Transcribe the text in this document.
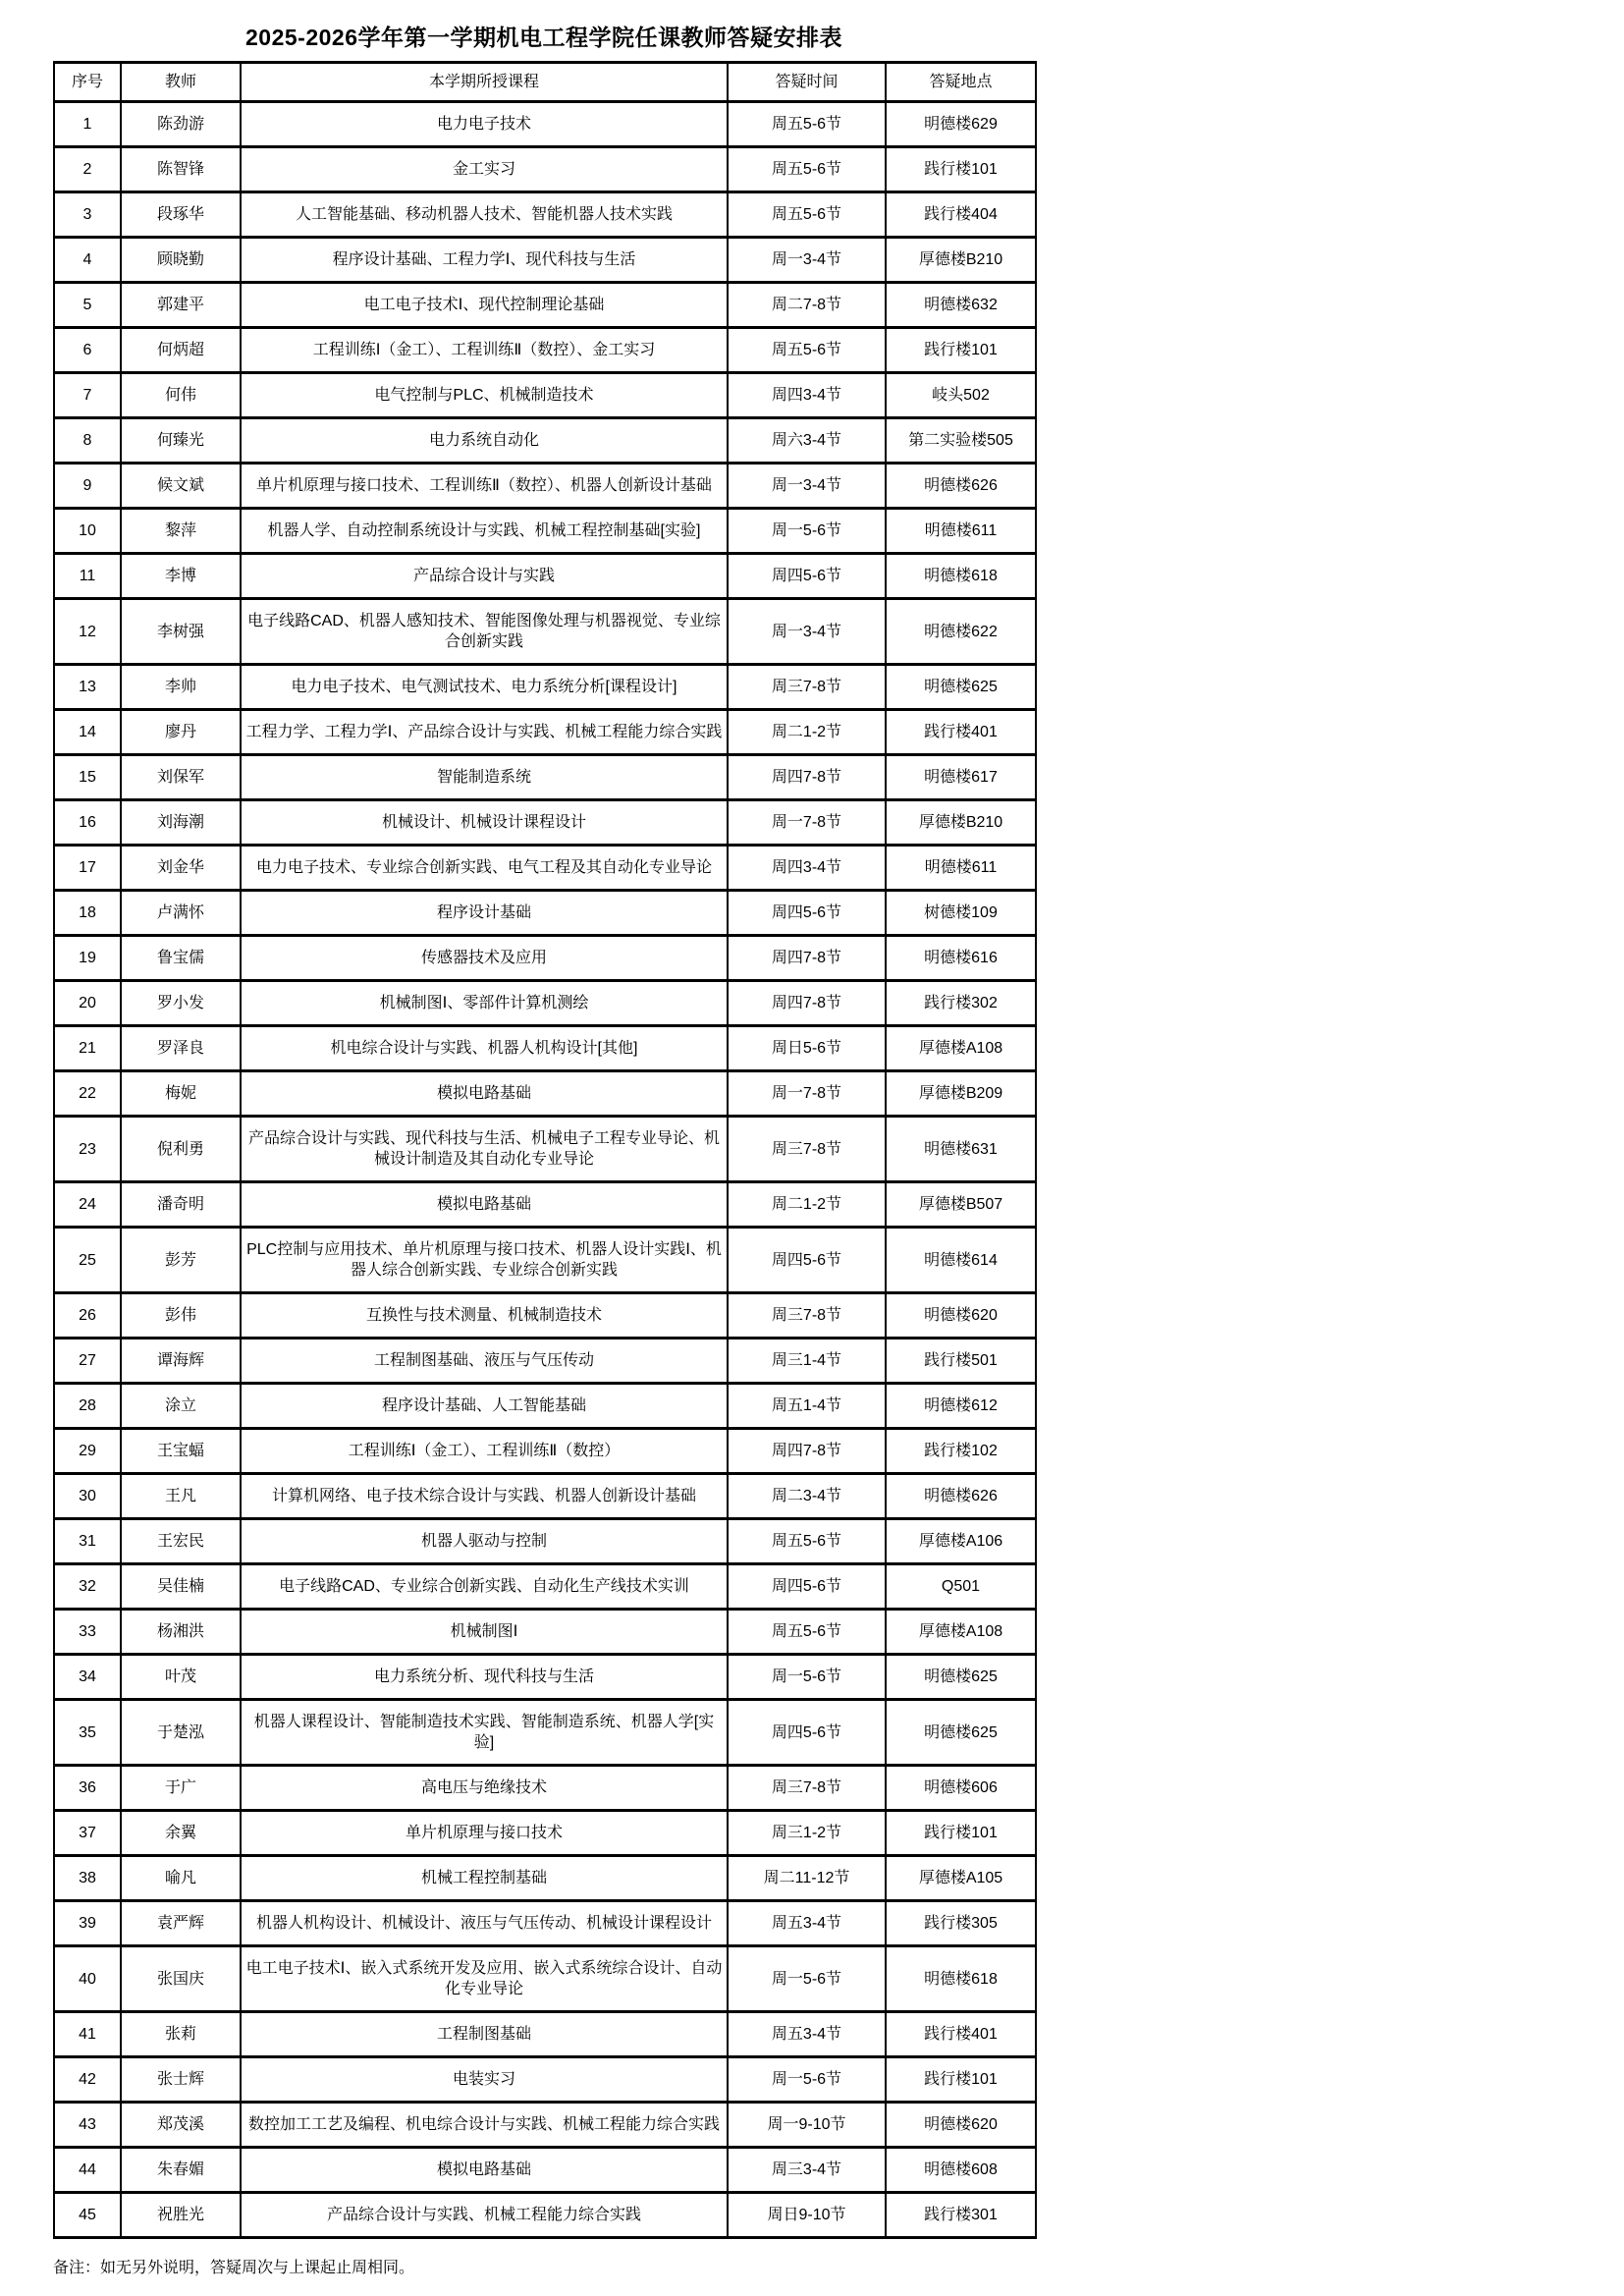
2025-2026学年第一学期机电工程学院任课教师答疑安排表
序号	教师	本学期所授课程	答疑时间	答疑地点
1	陈劲游	电力电子技术	周五5-6节	明德楼629
2	陈智锋	金工实习	周五5-6节	践行楼101
3	段琢华	人工智能基础、移动机器人技术、智能机器人技术实践	周五5-6节	践行楼404
4	顾晓勤	程序设计基础、工程力学Ⅰ、现代科技与生活	周一3-4节	厚德楼B210
5	郭建平	电工电子技术Ⅰ、现代控制理论基础	周二7-8节	明德楼632
6	何炳超	工程训练Ⅰ（金工）、工程训练Ⅱ（数控）、金工实习	周五5-6节	践行楼101
7	何伟	电气控制与PLC、机械制造技术	周四3-4节	岐头502
8	何臻光	电力系统自动化	周六3-4节	第二实验楼505
9	候文斌	单片机原理与接口技术、工程训练Ⅱ（数控）、机器人创新设计基础	周一3-4节	明德楼626
10	黎萍	机器人学、自动控制系统设计与实践、机械工程控制基础[实验]	周一5-6节	明德楼611
11	李博	产品综合设计与实践	周四5-6节	明德楼618
12	李树强	电子线路CAD、机器人感知技术、智能图像处理与机器视觉、专业综合创新实践	周一3-4节	明德楼622
13	李帅	电力电子技术、电气测试技术、电力系统分析[课程设计]	周三7-8节	明德楼625
14	廖丹	工程力学、工程力学Ⅰ、产品综合设计与实践、机械工程能力综合实践	周二1-2节	践行楼401
15	刘保军	智能制造系统	周四7-8节	明德楼617
16	刘海潮	机械设计、机械设计课程设计	周一7-8节	厚德楼B210
17	刘金华	电力电子技术、专业综合创新实践、电气工程及其自动化专业导论	周四3-4节	明德楼611
18	卢满怀	程序设计基础	周四5-6节	树德楼109
19	鲁宝儒	传感器技术及应用	周四7-8节	明德楼616
20	罗小发	机械制图Ⅰ、零部件计算机测绘	周四7-8节	践行楼302
21	罗泽良	机电综合设计与实践、机器人机构设计[其他]	周日5-6节	厚德楼A108
22	梅妮	模拟电路基础	周一7-8节	厚德楼B209
23	倪利勇	产品综合设计与实践、现代科技与生活、机械电子工程专业导论、机械设计制造及其自动化专业导论	周三7-8节	明德楼631
24	潘奇明	模拟电路基础	周二1-2节	厚德楼B507
25	彭芳	PLC控制与应用技术、单片机原理与接口技术、机器人设计实践Ⅰ、机器人综合创新实践、专业综合创新实践	周四5-6节	明德楼614
26	彭伟	互换性与技术测量、机械制造技术	周三7-8节	明德楼620
27	谭海辉	工程制图基础、液压与气压传动	周三1-4节	践行楼501
28	涂立	程序设计基础、人工智能基础	周五1-4节	明德楼612
29	王宝蝠	工程训练Ⅰ（金工）、工程训练Ⅱ（数控）	周四7-8节	践行楼102
30	王凡	计算机网络、电子技术综合设计与实践、机器人创新设计基础	周二3-4节	明德楼626
31	王宏民	机器人驱动与控制	周五5-6节	厚德楼A106
32	吴佳楠	电子线路CAD、专业综合创新实践、自动化生产线技术实训	周四5-6节	Q501
33	杨湘洪	机械制图Ⅰ	周五5-6节	厚德楼A108
34	叶茂	电力系统分析、现代科技与生活	周一5-6节	明德楼625
35	于楚泓	机器人课程设计、智能制造技术实践、智能制造系统、机器人学[实验]	周四5-6节	明德楼625
36	于广	高电压与绝缘技术	周三7-8节	明德楼606
37	余翼	单片机原理与接口技术	周三1-2节	践行楼101
38	喻凡	机械工程控制基础	周二11-12节	厚德楼A105
39	袁严辉	机器人机构设计、机械设计、液压与气压传动、机械设计课程设计	周五3-4节	践行楼305
40	张国庆	电工电子技术Ⅰ、嵌入式系统开发及应用、嵌入式系统综合设计、自动化专业导论	周一5-6节	明德楼618
41	张莉	工程制图基础	周五3-4节	践行楼401
42	张士辉	电装实习	周一5-6节	践行楼101
43	郑茂溪	数控加工工艺及编程、机电综合设计与实践、机械工程能力综合实践	周一9-10节	明德楼620
44	朱春媚	模拟电路基础	周三3-4节	明德楼608
45	祝胜光	产品综合设计与实践、机械工程能力综合实践	周日9-10节	践行楼301
备注：如无另外说明，答疑周次与上课起止周相同。
